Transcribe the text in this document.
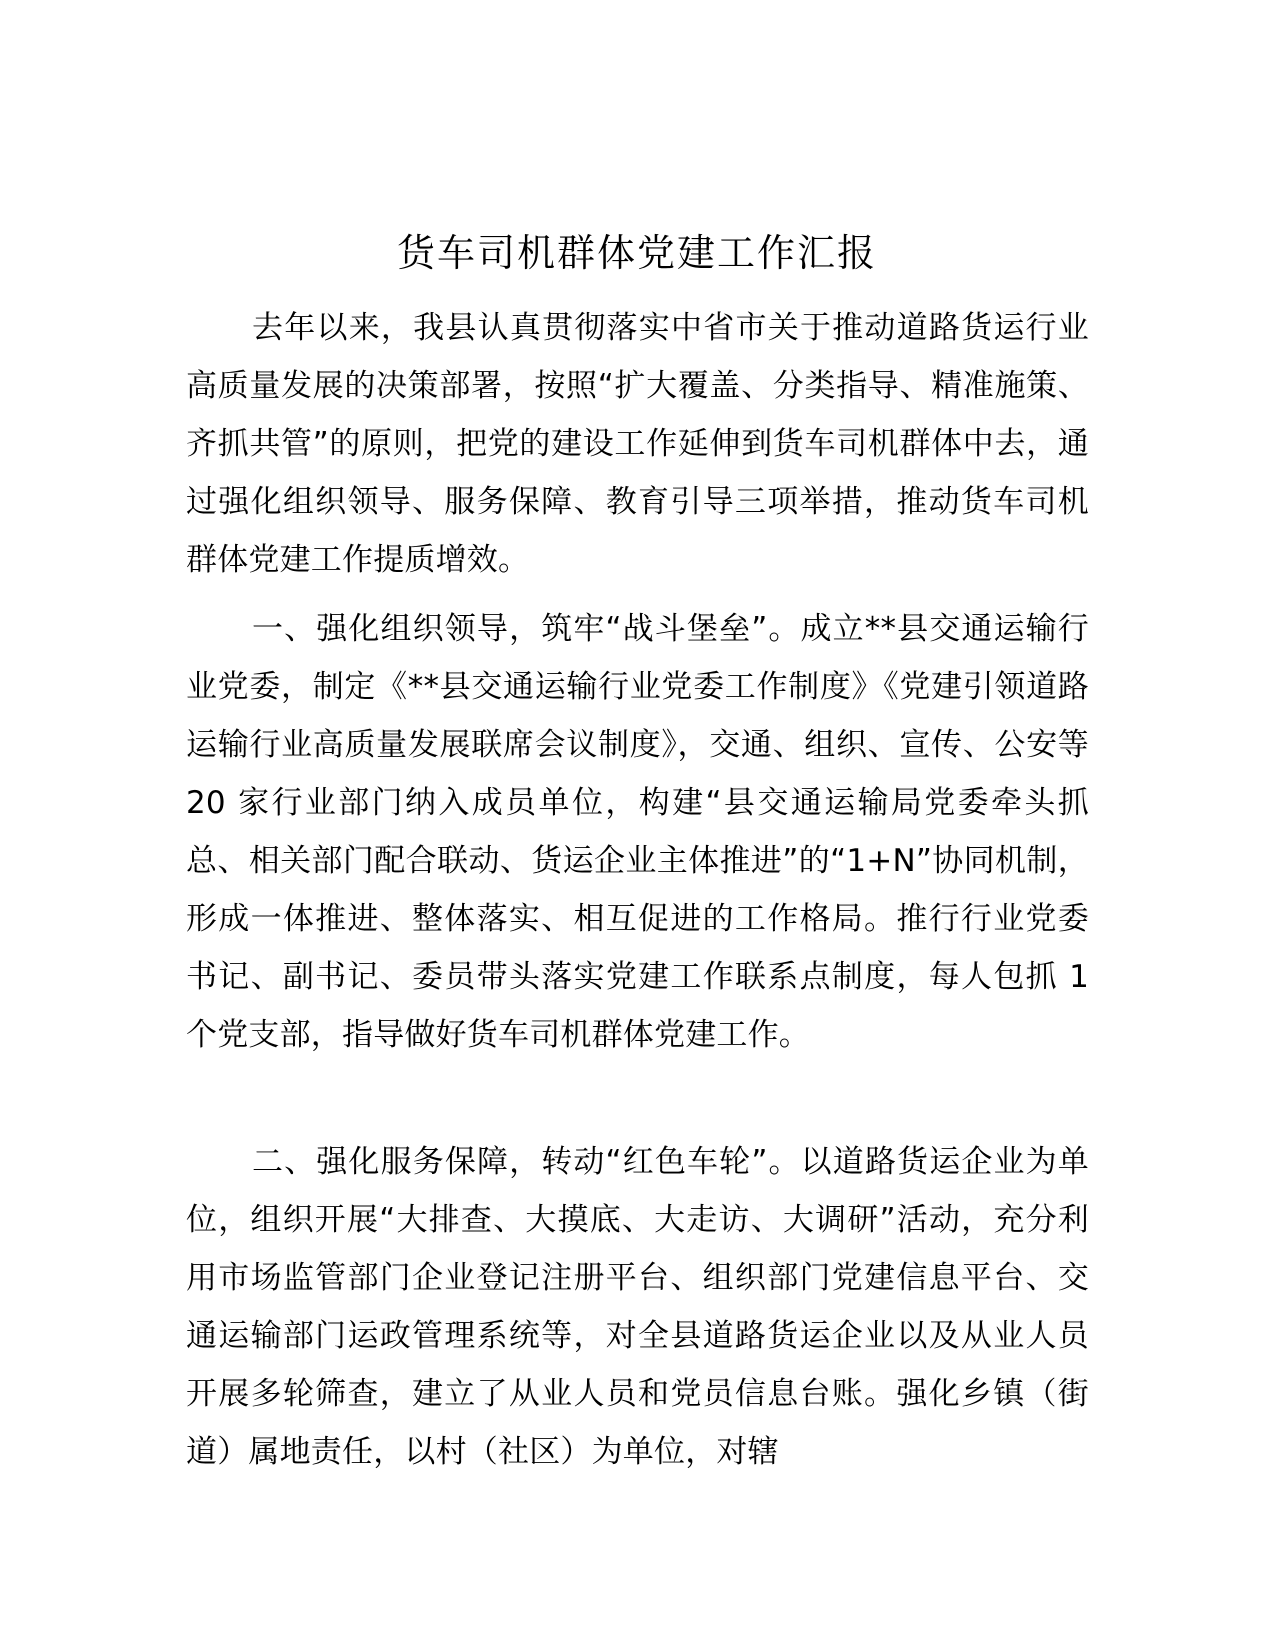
货车司机群体党建工作汇报

去年以来，我县认真贯彻落实中省市关于推动道路货运行业高质量发展的决策部署，按照“扩大覆盖、分类指导、精准施策、齐抓共管”的原则，把党的建设工作延伸到货车司机群体中去，通过强化组织领导、服务保障、教育引导三项举措，推动货车司机群体党建工作提质增效。

一、强化组织领导，筑牢“战斗堡垒”。成立**县交通运输行业党委，制定《**县交通运输行业党委工作制度》《党建引领道路运输行业高质量发展联席会议制度》，交通、组织、宣传、公安等 20 家行业部门纳入成员单位，构建“县交通运输局党委牵头抓总、相关部门配合联动、货运企业主体推进”的“1+N”协同机制，形成一体推进、整体落实、相互促进的工作格局。推行行业党委书记、副书记、委员带头落实党建工作联系点制度，每人包抓 1 个党支部，指导做好货车司机群体党建工作。

二、强化服务保障，转动“红色车轮”。以道路货运企业为单位，组织开展“大排查、大摸底、大走访、大调研”活动，充分利用市场监管部门企业登记注册平台、组织部门党建信息平台、交通运输部门运政管理系统等，对全县道路货运企业以及从业人员开展多轮筛查，建立了从业人员和党员信息台账。强化乡镇（街道）属地责任，以村（社区）为单位，对辖
